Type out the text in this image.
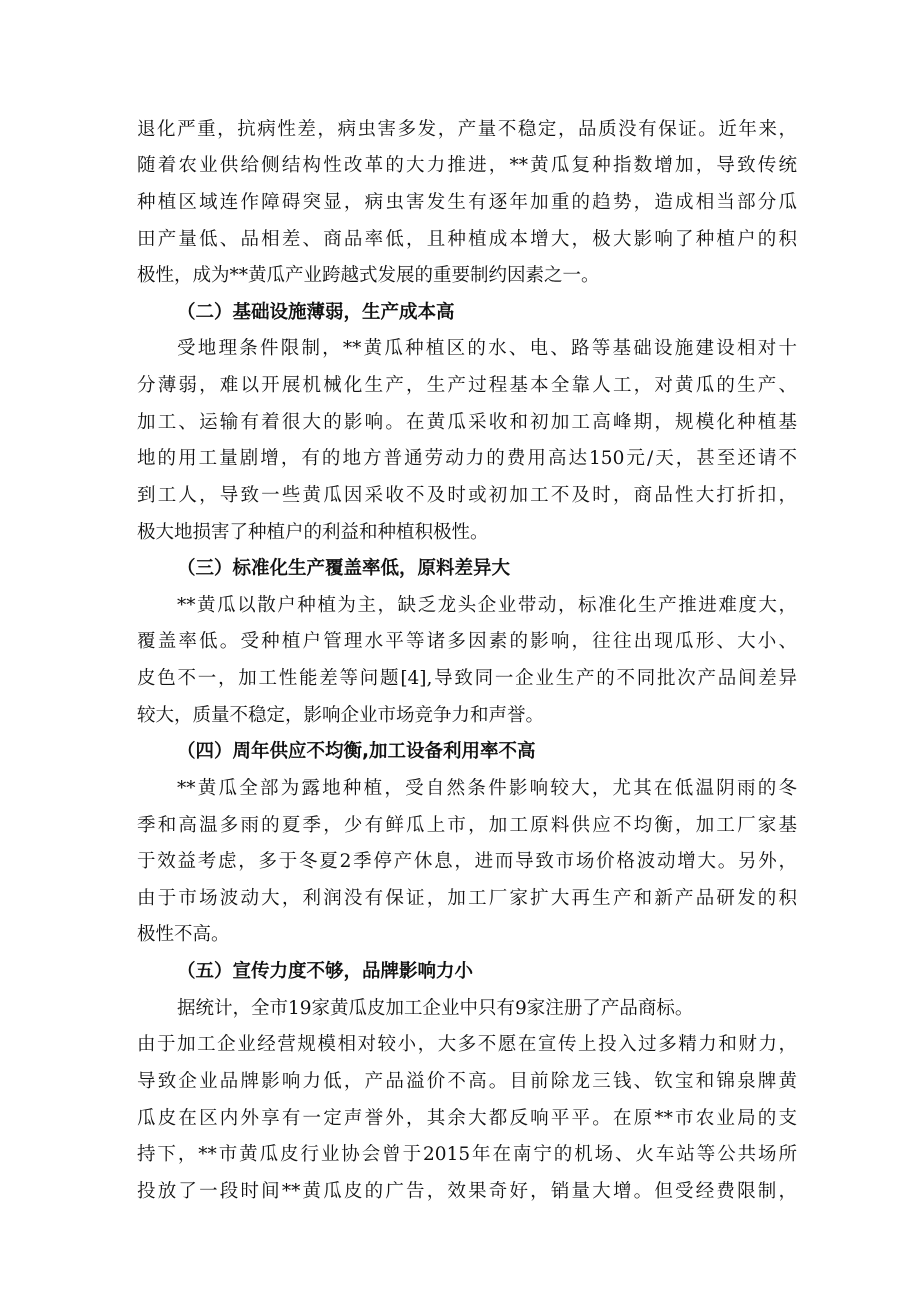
退化严重，抗病性差，病虫害多发，产量不稳定，品质没有保证。近年来，
随着农业供给侧结构性改革的大力推进，**黄瓜复种指数增加，导致传统
种植区域连作障碍突显，病虫害发生有逐年加重的趋势，造成相当部分瓜
田产量低、品相差、商品率低，且种植成本增大，极大影响了种植户的积
极性，成为**黄瓜产业跨越式发展的重要制约因素之一。
（二）基础设施薄弱，生产成本高
受地理条件限制，**黄瓜种植区的水、电、路等基础设施建设相对十
分薄弱，难以开展机械化生产，生产过程基本全靠人工，对黄瓜的生产、
加工、运输有着很大的影响。在黄瓜采收和初加工高峰期，规模化种植基
地的用工量剧增，有的地方普通劳动力的费用高达150元/天，甚至还请不
到工人，导致一些黄瓜因采收不及时或初加工不及时，商品性大打折扣，
极大地损害了种植户的利益和种植积极性。
（三）标准化生产覆盖率低，原料差异大
**黄瓜以散户种植为主，缺乏龙头企业带动，标准化生产推进难度大，
覆盖率低。受种植户管理水平等诸多因素的影响，往往出现瓜形、大小、
皮色不一，加工性能差等问题[4],导致同一企业生产的不同批次产品间差异
较大，质量不稳定，影响企业市场竞争力和声誉。
（四）周年供应不均衡,加工设备利用率不高
**黄瓜全部为露地种植，受自然条件影响较大，尤其在低温阴雨的冬
季和高温多雨的夏季，少有鲜瓜上市，加工原料供应不均衡，加工厂家基
于效益考虑，多于冬夏2季停产休息，进而导致市场价格波动增大。另外，
由于市场波动大，利润没有保证，加工厂家扩大再生产和新产品研发的积
极性不高。
（五）宣传力度不够，品牌影响力小
据统计，全市19家黄瓜皮加工企业中只有9家注册了产品商标。
由于加工企业经营规模相对较小，大多不愿在宣传上投入过多精力和财力，
导致企业品牌影响力低，产品溢价不高。目前除龙三钱、钦宝和锦泉牌黄
瓜皮在区内外享有一定声誉外，其余大都反响平平。在原**市农业局的支
持下，**市黄瓜皮行业协会曾于2015年在南宁的机场、火车站等公共场所
投放了一段时间**黄瓜皮的广告，效果奇好，销量大增。但受经费限制，
